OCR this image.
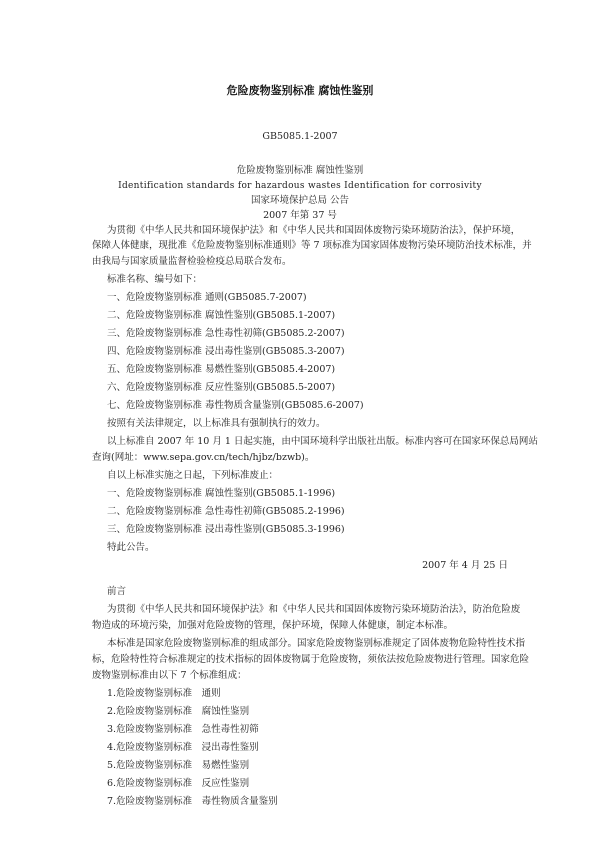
危险废物鉴别标准 腐蚀性鉴别
GB5085.1-2007
危险废物鉴别标准 腐蚀性鉴别
Identification standards for hazardous wastes Identification for corrosivity
国家环境保护总局 公告
2007 年第 37 号
为贯彻《中华人民共和国环境保护法》和《中华人民共和国固体废物污染环境防治法》，保护环境，
保障人体健康，现批准《危险废物鉴别标准通则》等 7 项标准为国家固体废物污染环境防治技术标准，并
由我局与国家质量监督检验检疫总局联合发布。
标准名称、编号如下：
一、危险废物鉴别标准 通则(GB5085.7-2007)
二、危险废物鉴别标准 腐蚀性鉴别(GB5085.1-2007)
三、危险废物鉴别标准 急性毒性初筛(GB5085.2-2007)
四、危险废物鉴别标准 浸出毒性鉴别(GB5085.3-2007)
五、危险废物鉴别标准 易燃性鉴别(GB5085.4-2007)
六、危险废物鉴别标准 反应性鉴别(GB5085.5-2007)
七、危险废物鉴别标准 毒性物质含量鉴别(GB5085.6-2007)
按照有关法律规定，以上标准具有强制执行的效力。
以上标准自 2007 年 10 月 1 日起实施，由中国环境科学出版社出版。标准内容可在国家环保总局网站
查询(网址：www.sepa.gov.cn/tech/hjbz/bzwb)。
自以上标准实施之日起，下列标准废止：
一、危险废物鉴别标准 腐蚀性鉴别(GB5085.1-1996)
二、危险废物鉴别标准 急性毒性初筛(GB5085.2-1996)
三、危险废物鉴别标准 浸出毒性鉴别(GB5085.3-1996)
特此公告。
2007 年 4 月 25 日
前言
为贯彻《中华人民共和国环境保护法》和《中华人民共和国固体废物污染环境防治法》，防治危险废
物造成的环境污染，加强对危险废物的管理，保护环境，保障人体健康，制定本标准。
本标准是国家危险废物鉴别标准的组成部分。国家危险废物鉴别标准规定了固体废物危险特性技术指
标，危险特性符合标准规定的技术指标的固体废物属于危险废物，须依法按危险废物进行管理。国家危险
废物鉴别标准由以下 7 个标准组成：
1.危险废物鉴别标准　通则
2.危险废物鉴别标准　腐蚀性鉴别
3.危险废物鉴别标准　急性毒性初筛
4.危险废物鉴别标准　浸出毒性鉴别
5.危险废物鉴别标准　易燃性鉴别
6.危险废物鉴别标准　反应性鉴别
7.危险废物鉴别标准　毒性物质含量鉴别
